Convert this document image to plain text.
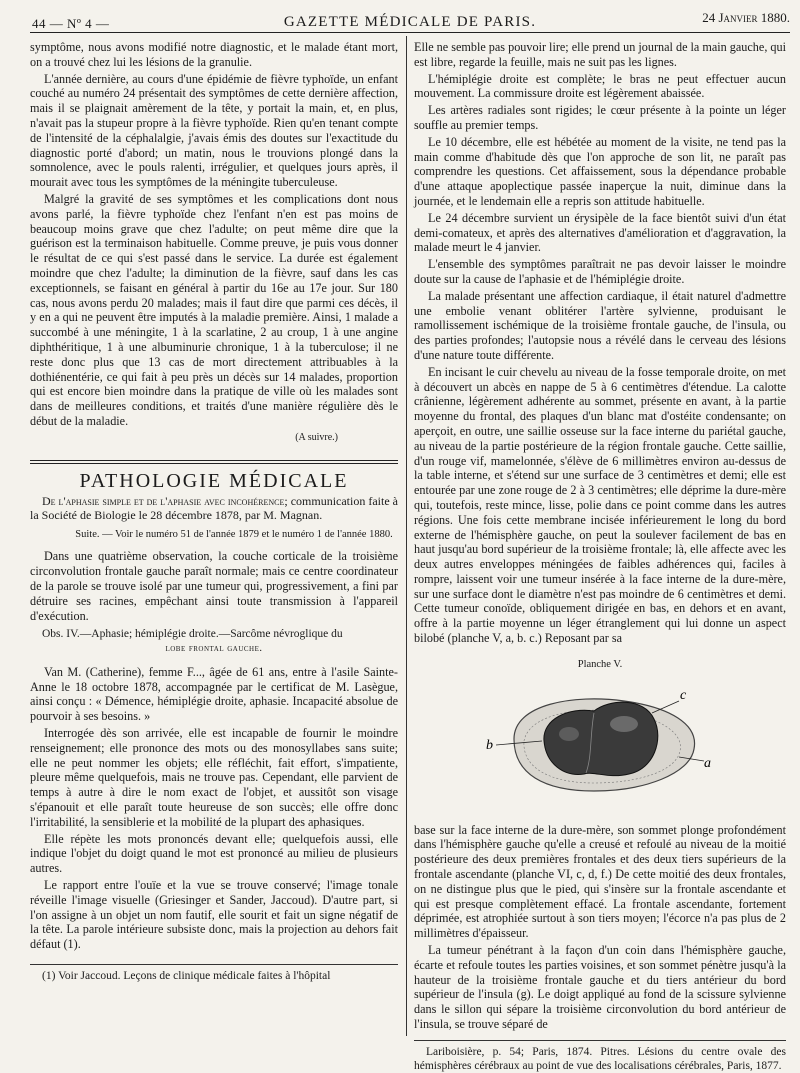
44 — Nº 4 —	GAZETTE MÉDICALE DE PARIS.	24 Janvier 1880.

symptôme, nous avons modifié notre diagnostic, et le malade étant mort, on a trouvé chez lui les lésions de la granulie.

L'année dernière, au cours d'une épidémie de fièvre typhoïde, un enfant couché au numéro 24 présentait des symptômes de cette dernière affection, mais il se plaignait amèrement de la tête, y portait la main, et, en plus, n'avait pas la stupeur propre à la fièvre typhoïde. Rien qu'en tenant compte de l'intensité de la céphalalgie, j'avais émis des doutes sur l'exactitude du diagnostic porté d'abord; un matin, nous le trouvions plongé dans la somnolence, avec le pouls ralenti, irrégulier, et quelques jours après, il mourait avec tous les symptômes de la méningite tuberculeuse.

Malgré la gravité de ses symptômes et les complications dont nous avons parlé, la fièvre typhoïde chez l'enfant n'en est pas moins de beaucoup moins grave que chez l'adulte; on peut même dire que la guérison est la terminaison habituelle. Comme preuve, je puis vous donner le résultat de ce qui s'est passé dans le service. La durée est également moindre que chez l'adulte; la diminution de la fièvre, sauf dans les cas exceptionnels, se faisant en général à partir du 16e au 17e jour. Sur 180 cas, nous avons perdu 20 malades; mais il faut dire que parmi ces décès, il y en a qui ne peuvent être imputés à la maladie première. Ainsi, 1 malade a succombé à une méningite, 1 à la scarlatine, 2 au croup, 1 à une angine diphthéritique, 1 à une albuminurie chronique, 1 à la tuberculose; il ne reste donc plus que 13 cas de mort directement attribuables à la dothiénentérie, ce qui fait à peu près un décès sur 14 malades, proportion qui est encore bien moindre dans la pratique de ville où les malades sont dans de meilleures conditions, et traités d'une manière régulière dès le début de la maladie.

(A suivre.)
PATHOLOGIE MÉDICALE
De l'aphasie simple et de l'aphasie avec incohérence; communication faite à la Société de Biologie le 28 décembre 1878, par M. Magnan.
Suite. — Voir le numéro 51 de l'année 1879 et le numéro 1 de l'année 1880.

Dans une quatrième observation, la couche corticale de la troisième circonvolution frontale gauche paraît normale; mais ce centre coordinateur de la parole se trouve isolé par une tumeur qui, progressivement, a fini par détruire ses racines, empêchant ainsi toute transmission à l'appareil d'exécution.

Obs. IV.—Aphasie; hémiplégie droite.—Sarcôme névroglique du
lobe frontal gauche.

Van M. (Catherine), femme F..., âgée de 61 ans, entre à l'asile Sainte-Anne le 18 octobre 1878, accompagnée par le certificat de M. Lasègue, ainsi conçu : « Démence, hémiplégie droite, aphasie. Incapacité absolue de pourvoir à ses besoins. »

Interrogée dès son arrivée, elle est incapable de fournir le moindre renseignement; elle prononce des mots ou des monosyllabes sans suite; elle ne peut nommer les objets; elle réfléchit, fait effort, s'impatiente, pleure même quelquefois, mais ne trouve pas. Cependant, elle parvient de temps à autre à dire le nom exact de l'objet, et aussitôt son visage s'épanouit et elle paraît toute heureuse de son succès; elle offre donc l'irritabilité, la sensiblerie et la mobilité de la plupart des aphasiques.

Elle répète les mots prononcés devant elle; quelquefois aussi, elle indique l'objet du doigt quand le mot est prononcé au milieu de plusieurs autres.

Le rapport entre l'ouïe et la vue se trouve conservé; l'image tonale réveille l'image visuelle (Griesinger et Sander, Jaccoud). D'autre part, si l'on assigne à un objet un nom fautif, elle sourit et fait un signe négatif de la tête. La parole intérieure subsiste donc, mais la projection au dehors fait défaut (1).

(1) Voir Jaccoud. Leçons de clinique médicale faites à l'hôpital

Elle ne semble pas pouvoir lire; elle prend un journal de la main gauche, qui est libre, regarde la feuille, mais ne suit pas les lignes.

L'hémiplégie droite est complète; le bras ne peut effectuer aucun mouvement. La commissure droite est légèrement abaissée.

Les artères radiales sont rigides; le cœur présente à la pointe un léger souffle au premier temps.

Le 10 décembre, elle est hébétée au moment de la visite, ne tend pas la main comme d'habitude dès que l'on approche de son lit, ne paraît pas comprendre les questions. Cet affaissement, sous la dépendance probable d'une attaque apoplectique passée inaperçue la nuit, diminue dans la journée, et le lendemain elle a repris son attitude habituelle.

Le 24 décembre survient un érysipèle de la face bientôt suivi d'un état demi-comateux, et après des alternatives d'amélioration et d'aggravation, la malade meurt le 4 janvier.

L'ensemble des symptômes paraîtrait ne pas devoir laisser le moindre doute sur la cause de l'aphasie et de l'hémiplégie droite.

La malade présentant une affection cardiaque, il était naturel d'admettre une embolie venant oblitérer l'artère sylvienne, produisant le ramollissement ischémique de la troisième frontale gauche, de l'insula, ou des parties profondes; l'autopsie nous a révélé dans le cerveau des lésions d'une nature toute différente.

En incisant le cuir chevelu au niveau de la fosse temporale droite, on met à découvert un abcès en nappe de 5 à 6 centimètres d'étendue. La calotte crânienne, légèrement adhérente au sommet, présente en avant, à la partie moyenne du frontal, des plaques d'un blanc mat d'ostéite condensante; on aperçoit, en outre, une saillie osseuse sur la face interne du pariétal gauche, au niveau de la partie postérieure de la région frontale gauche. Cette saillie, d'un rouge vif, mamelonnée, s'élève de 6 millimètres environ au-dessus de la table interne, et s'étend sur une surface de 3 centimètres et demi; elle est entourée par une zone rouge de 2 à 3 centimètres; elle déprime la dure-mère qui, toutefois, reste mince, lisse, polie dans ce point comme dans les autres régions. Une fois cette membrane incisée inférieurement le long du bord externe de l'hémisphère gauche, on peut la soulever facilement de bas en haut jusqu'au bord supérieur de la troisième frontale; là, elle affecte avec les deux autres enveloppes méningées de faibles adhérences qui, faciles à rompre, laissent voir une tumeur insérée à la face interne de la dure-mère, sur une surface dont le diamètre n'est pas moindre de 6 centimètres et demi. Cette tumeur conoïde, obliquement dirigée en bas, en dehors et en avant, offre à la partie moyenne un léger étranglement qui lui donne un aspect bilobé (planche V, a, b. c.) Reposant par sa

Planche V.
b
c
a

base sur la face interne de la dure-mère, son sommet plonge profondément dans l'hémisphère gauche qu'elle a creusé et refoulé au niveau de la moitié postérieure des deux premières frontales et des deux tiers supérieurs de la frontale ascendante (planche VI, c, d, f.) De cette moitié des deux frontales, on ne distingue plus que le pied, qui s'insère sur la frontale ascendante et qui est presque complètement effacé. La frontale ascendante, fortement déprimée, est atrophiée surtout à son tiers moyen; l'écorce n'a pas plus de 2 millimètres d'épaisseur.

La tumeur pénétrant à la façon d'un coin dans l'hémisphère gauche, écarte et refoule toutes les parties voisines, et son sommet pénètre jusqu'à la hauteur de la troisième frontale gauche et du tiers antérieur du bord supérieur de l'insula (g). Le doigt appliqué au fond de la scissure sylvienne dans le sillon qui sépare la troisième circonvolution du bord antérieur de l'insula, se trouve séparé de

Lariboisière, p. 54; Paris, 1874. Pitres. Lésions du centre ovale des hémisphères cérébraux au point de vue des localisations cérébrales, Paris, 1877.
